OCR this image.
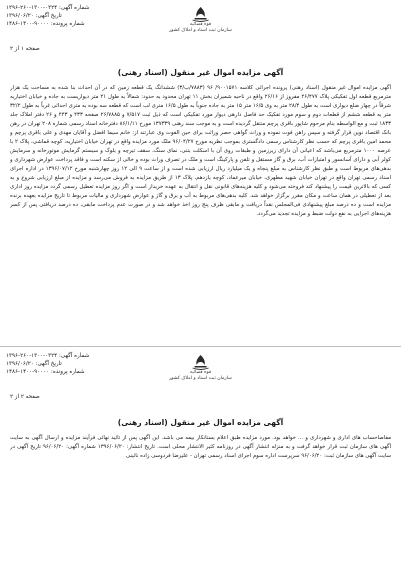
شماره آگهی: ۰۳۲۴-۱۳۰۰-۲۶۰-۱۳۹۶
تاریخ آگهی: ۱۳۹۶/۰۶/۲۰
شماره پرونده: ۹۰۰۰۰-۱۴۰۰-۱۴۸۶	قوه قضائیه
سازمان ثبت اسناد و املاک کشور
صفحه ۱ از ۲
آگهی مزایده اموال غیر منقول (اسناد رهنی)
آگهی مزایده اموال غیر منقول (اسناد رهنی) پرونده اجرائی کلاسه ۹۰۰۱۵۷۱/ ۹۶ (۷۸۸۳/ب/۳) ششدانگ یک قطعه زمین که در آن احداث بنا شده به مساحت یک هزار مترمربع قطعه اول تفکیکی پلاک ۲۶/۴۷۷ مفروز از ۲۶/۱۶ واقع در ناحیه شمیران بخش ۱۱ تهران محدود به حدود: شمالاً به طول ۲۱ متر دیواریست به جاده و خیابان اختیاریه شرقاً در چهار ضلع دیواری است به طول ۲۸/۴ متر به وی ۱۶/۵ متر ۱۵ متر به جاده جنوباً به طول ۱۶/۵ متری لب است که قطعه سه بوده به متری احداثی غرباً به طول ۳۲/۲ متر به قطعه ششم از قطعات دوم و سوم مورد تفکیک حد فاصل دارهی دیوار مورد تفکیکی است که ذیل ثبت ۷/۵۱۷ و ۲۶/۷۸۸۵ صفحه ۴۳۳ و ۴۴۳ و ۲۶ دفتر املاک جلد ۱۸۳۳ ثبت و مع الواسطه بنام مرحوم شاپور باقری پرچم منتقل گردیده است و به موجب سند رهنی ۱۳۷۳۳۹ مورخ ۸۶/۱/۱۱ دفترخانه اسناد رسمی شماره ۲۰۸ تهران در رهن بانک اقتصاد نوین قرار گرفته و سپس راهن فوت نموده و وراث گواهی حصر وراثت برای حین الفوت وی عبارتند از: خانم سیما افضل و آقایان مهدی و علی باقری پرچم و محمد امین باقری پرچم که حسب نظر کارشناس رسمی دادگستری بموجب نظریه مورخ ۹۶/۰۴/۲۷ ملک مورد مزایده واقع در تهران خیابان اختیاریه، کوچه قماشی، پلاک ۲ با عرصه ۱۰۰۰ مترمربع می‌باشد که اعیانی آن دارای زیرزمین و طبقات روی آن با اسکلت بتنی، نمای سنگ، سقف تیرچه و بلوک و سیستم گرمایش موتورخانه و سرمایش کولر آبی و دارای آسانسور و امتیازات آب، برق و گاز مستقل و تلفن و پارکینگ است و ملک در تصرف وراث بوده و خالی از سکنه است و فاقد پرداخت عوارض شهرداری و بدهی‌های مربوط است و طبق نظر کارشناس به مبلغ پنجاه و یک میلیارد ریال ارزیابی شده است و از ساعت ۹ الی ۱۲ روز چهارشنبه مورخ ۱۳۹۶/۰۷/۱۲ در اداره اجرای اسناد رسمی تهران واقع در تهران خیابان شهید مطهری، خیابان میرعماد، کوچه یازدهم، پلاک ۱۳ از طریق مزایده به فروش می‌رسد و مزایده از مبلغ ارزیابی شروع و به کسی که بالاترین قیمت را پیشنهاد کند فروخته می‌شود و کلیه هزینه‌های قانونی نقل و انتقال به عهده خریدار است و اگر روز مزایده تعطیل رسمی گردد مزایده روز اداری بعد از تعطیلی در همان ساعت و مکان مقرر برگزار خواهد شد. کلیه بدهی‌های مربوط به آب و برق و گاز و عوارض شهرداری و مالیات مربوط تا تاریخ مزایده بعهده برنده مزایده است و ده درصد مبلغ پیشنهادی فی‌المجلس نقداً دریافت و مابقی ظرف پنج روز اخذ خواهد شد و در صورت عدم پرداخت مابقی، ده درصد دریافتی پس از کسر هزینه‌های اجرایی به نفع دولت ضبط و مزایده تجدید می‌گردد.
شماره آگهی: ۰۳۲۴-۱۳۰۰-۲۶۰-۱۳۹۶
تاریخ آگهی: ۱۳۹۶/۰۶/۲۰
شماره پرونده: ۹۰۰۰۰-۱۴۰۰-۱۴۸۶	قوه قضائیه
سازمان ثبت اسناد و املاک کشور
صفحه ۲ از ۲
آگهی مزایده اموال غیر منقول (اسناد رهنی)
مفاصاحساب های اداری و شهرداری و ... خواهد بود. مورد مزایده طبق اعلام بستانکار بیمه می باشد. این آگهی پس از تائید نهائی فرآیند مزایده و ارسال آگهی به سایت آگهی های سازمان ثبت قرار خواهد گرفت و به منزله انتشار آگهی در روزنامه کثیر الانتشار محلی است. تاریخ انتشار: ۱۳۹۶/۰۶/۲۰ شماره آگهی: ۹۶/۰۶/۲۰ تاریخ آگهی در سایت آگهی های سازمان ثبت: ۹۶/۰۶/۲۰ سرپرست اداره سوم اجرای اسناد رسمی تهران - علیرضا فردوسی زاده نائینی
